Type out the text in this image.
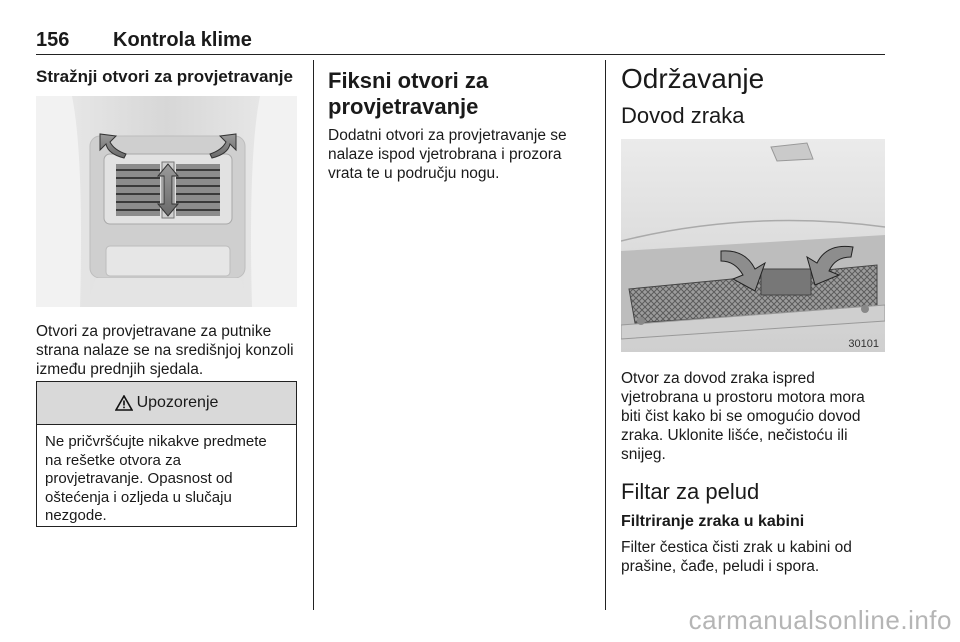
156 Kontrola klime
Stražnji otvori za provjetravanje

Otvori za provjetravane za putnike
strana nalaze se na središnjoj konzoli
između prednjih sjedala.

Upozorenje
Ne pričvršćujte nikakve predmete
na rešetke otvora za
provjetravanje. Opasnost od
oštećenja i ozljeda u slučaju
nezgode.
Fiksni otvori za
provjetravanje

Dodatni otvori za provjetravanje se
nalaze ispod vjetrobrana i prozora
vrata te u području nogu.

Održavanje
Dovod zraka
30101

Otvor za dovod zraka ispred
vjetrobrana u prostoru motora mora
biti čist kako bi se omogućio dovod
zraka. Uklonite lišće, nečistoću ili
snijeg.

Filtar za pelud
Filtriranje zraka u kabini

Filter čestica čisti zrak u kabini od
prašine, čađe, peludi i spora.

carmanualsonline.info
